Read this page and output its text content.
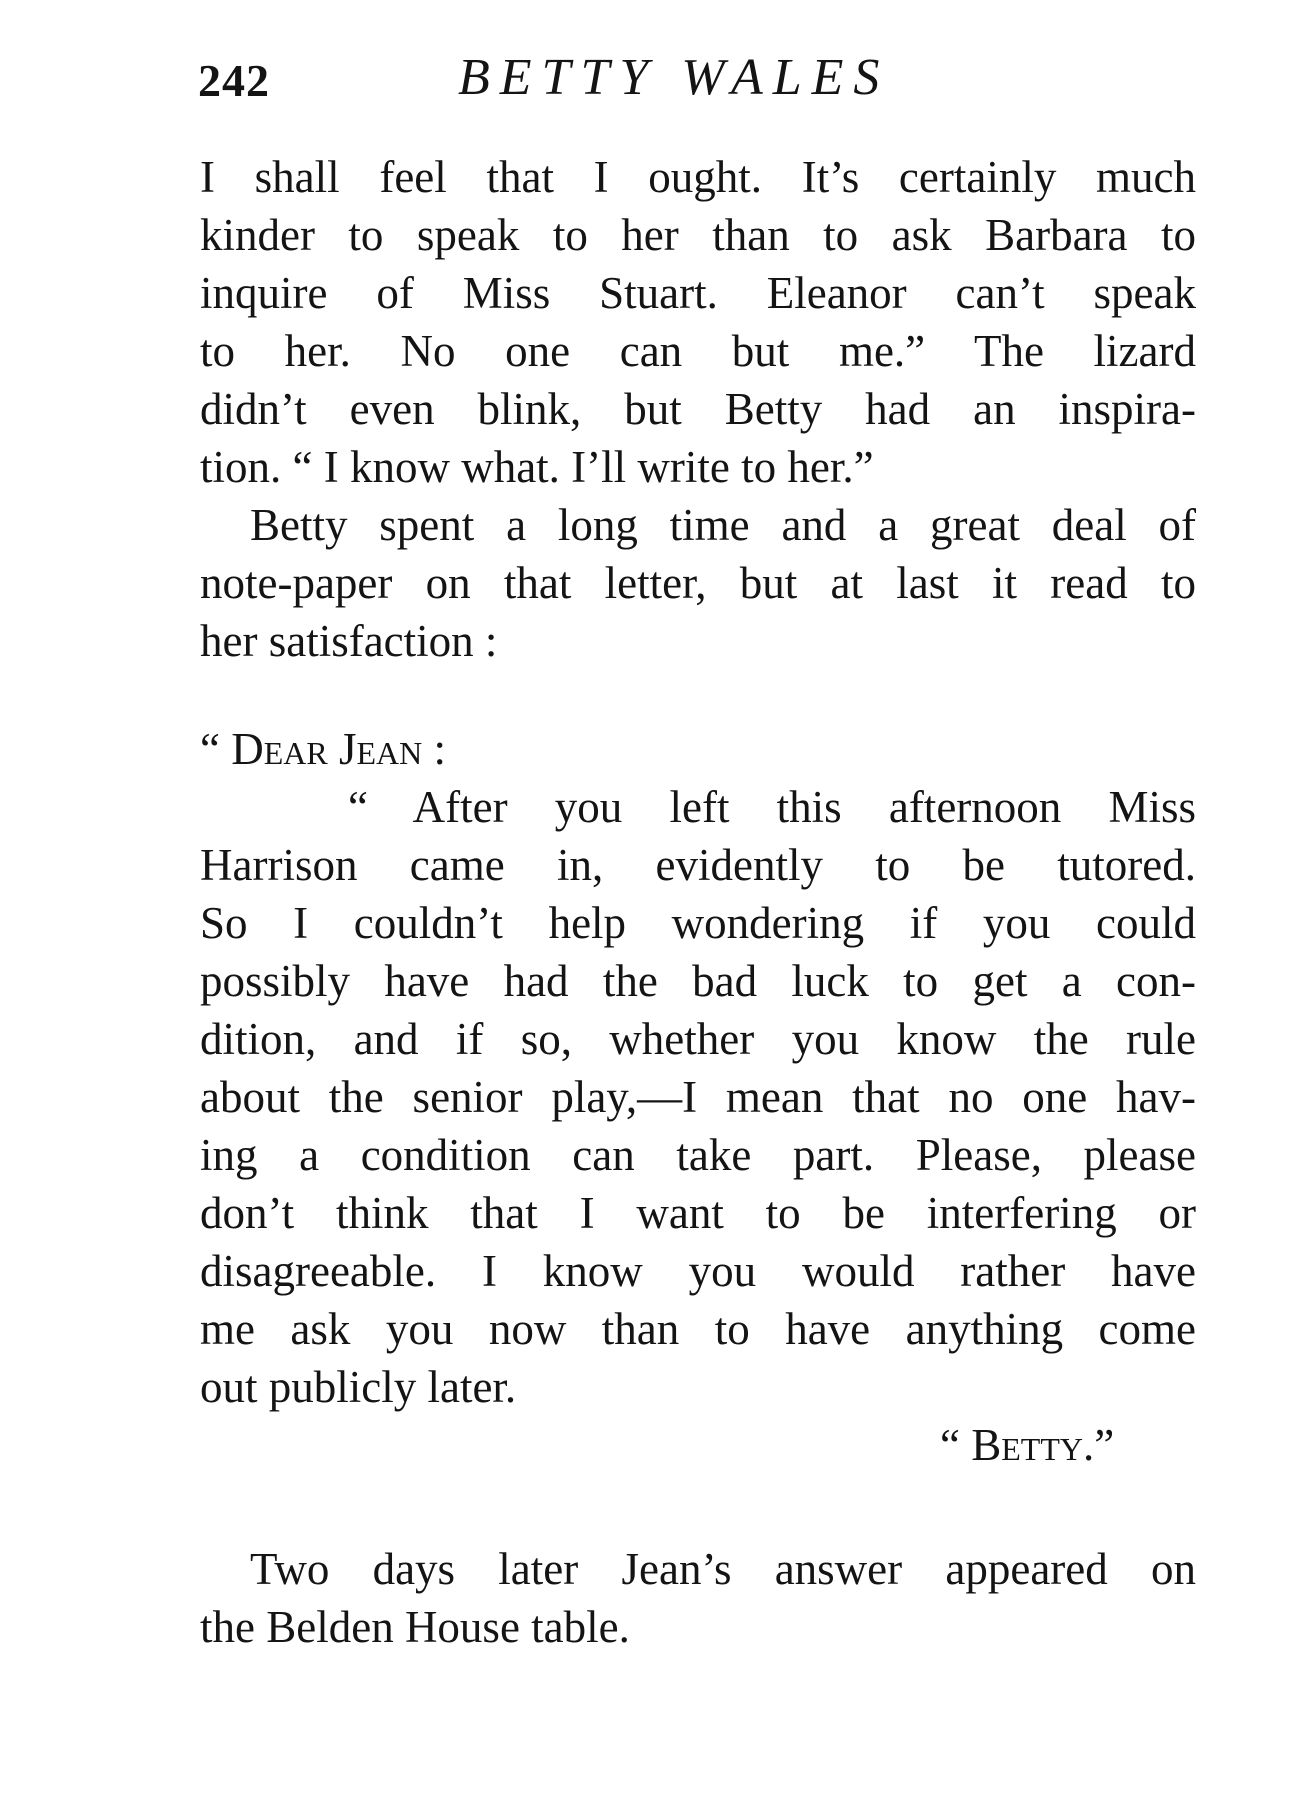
242	BETTY WALES
I shall feel that I ought. It’s certainly much
kinder to speak to her than to ask Barbara to
inquire of Miss Stuart. Eleanor can’t speak
to her. No one can but me.” The lizard
didn’t even blink, but Betty had an inspira-
tion. “ I know what. I’ll write to her.”
Betty spent a long time and a great deal of
note-paper on that letter, but at last it read to
her satisfaction :
“ Dear Jean :
“ After you left this afternoon Miss
Harrison came in, evidently to be tutored.
So I couldn’t help wondering if you could
possibly have had the bad luck to get a con-
dition, and if so, whether you know the rule
about the senior play,—I mean that no one hav-
ing a condition can take part. Please, please
don’t think that I want to be interfering or
disagreeable. I know you would rather have
me ask you now than to have anything come
out publicly later.
“ Betty.”
Two days later Jean’s answer appeared on
the Belden House table.
